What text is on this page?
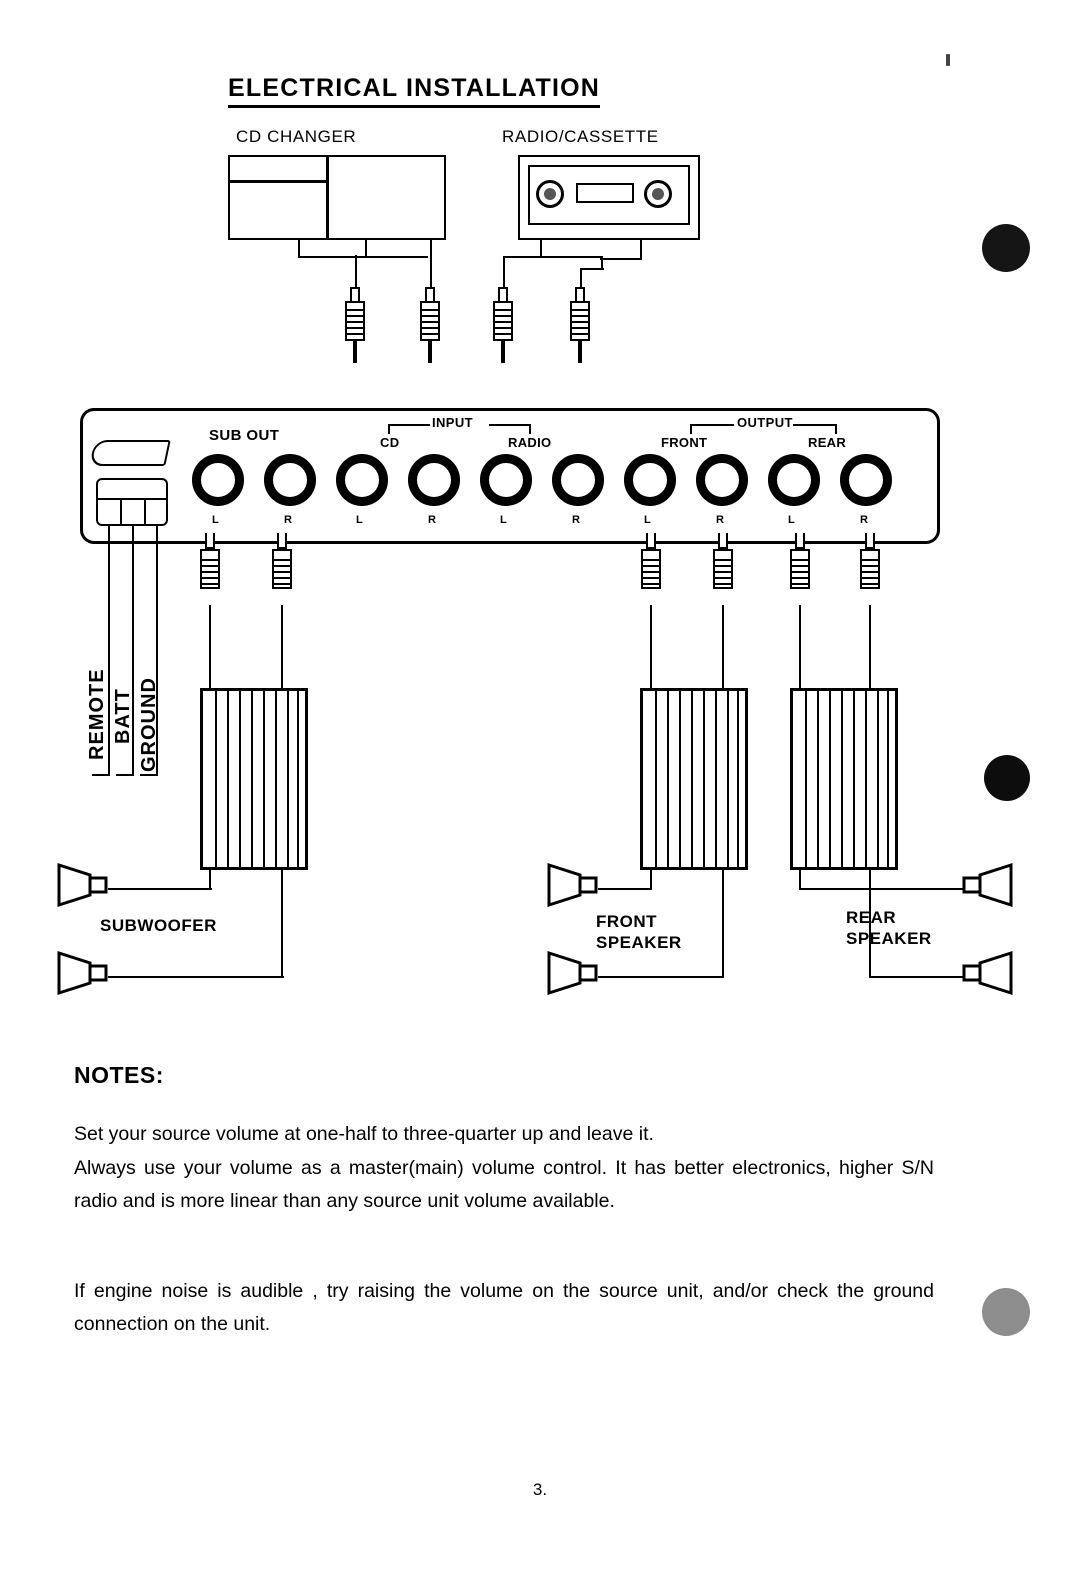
ELECTRICAL INSTALLATION
CD CHANGER	RADIO/CASSETTE
SUB OUT
INPUT
CD	RADIO
OUTPUT
FRONT	REAR
L	R	L	R	L	R	L	R	L	R
REMOTE BATT GROUND
SUBWOOFER	FRONT
SPEAKER
REAR
SPEAKER
NOTES:
Set your source volume at one-half to three-quarter up and leave it.
Always use your volume as a master(main) volume control. It has better electronics, higher S/N radio and is more linear than any source unit volume available.
If engine noise is audible , try raising the volume on the source unit, and/or check the ground connection on the unit.
3.
